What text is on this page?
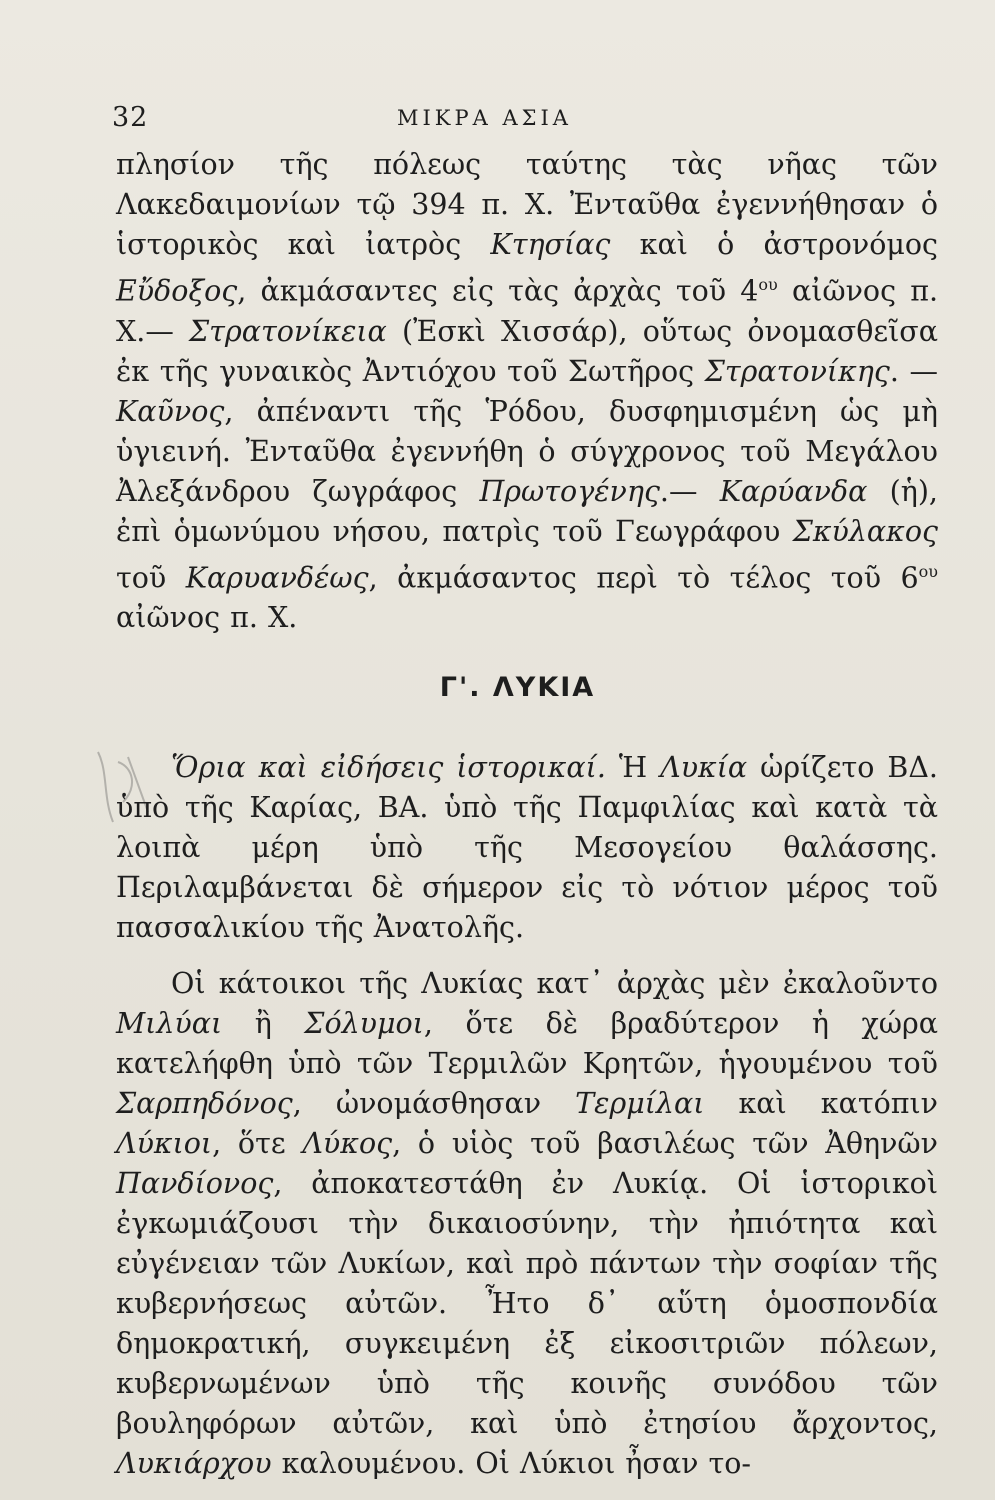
32	ΜΙΚΡΑ ΑΣΙΑ

πλησίον τῆς πόλεως ταύτης τὰς νῆας τῶν Λακεδαιμονίων τῷ 394 π. Χ. Ἐνταῦθα ἐγεννήθησαν ὁ ἱστορικὸς καὶ ἰατρὸς Κτησίας καὶ ὁ ἀστρονόμος Εὔδοξος, ἀκμάσαντες εἰς τὰς ἀρχὰς τοῦ $4^{o\upsilon}$ αἰῶνος π. Χ.— Στρατονίκεια (Ἐσκὶ Χισσάρ), οὕτως ὀνομασθεῖσα ἐκ τῆς γυναικὸς Ἀντιόχου τοῦ Σωτῆρος Στρατονίκης. —Καῦνος, ἀπέναντι τῆς Ῥόδου, δυσφημισμένη ὡς μὴ ὑγιεινή. Ἐνταῦθα ἐγεννήθη ὁ σύγχρονος τοῦ Μεγάλου Ἀλεξάνδρου ζωγράφος Πρωτογένης.— Καρύανδα (ἡ), ἐπὶ ὁμωνύμου νήσου, πατρὶς τοῦ Γεωγράφου Σκύλακος τοῦ Καρυανδέως, ἀκμάσαντος περὶ τὸ τέλος τοῦ $6^{o\upsilon}$ αἰῶνος π. Χ.

Γ'. ΛΥΚΙΑ

Ὅρια καὶ εἰδήσεις ἱστορικαί. Ἡ Λυκία ὡρίζετο ΒΔ. ὑπὸ τῆς Καρίας, ΒΑ. ὑπὸ τῆς Παμφιλίας καὶ κατὰ τὰ λοιπὰ μέρη ὑπὸ τῆς Μεσογείου θαλάσσης. Περιλαμβάνεται δὲ σήμερον εἰς τὸ νότιον μέρος τοῦ πασσαλικίου τῆς Ἀνατολῆς.

Οἱ κάτοικοι τῆς Λυκίας κατ᾿ ἀρχὰς μὲν ἐκαλοῦντο Μιλύαι ἢ Σόλυμοι, ὅτε δὲ βραδύτερον ἡ χώρα κατελήφθη ὑπὸ τῶν Τερμιλῶν Κρητῶν, ἡγουμένου τοῦ Σαρπηδόνος, ὠνομάσθησαν Τερμίλαι καὶ κατόπιν Λύκιοι, ὅτε Λύκος, ὁ υἱὸς τοῦ βασιλέως τῶν Ἀθηνῶν Πανδίονος, ἀποκατεστάθη ἐν Λυκίᾳ. Οἱ ἱστορικοὶ ἐγκωμιάζουσι τὴν δικαιοσύνην, τὴν ἠπιότητα καὶ εὐγένειαν τῶν Λυκίων, καὶ πρὸ πάντων τὴν σοφίαν τῆς κυβερνήσεως αὐτῶν. Ἦτο δ᾿ αὕτη ὁμοσπονδία δημοκρατική, συγκειμένη ἐξ εἰκοσιτριῶν πόλεων, κυβερνωμένων ὑπὸ τῆς κοινῆς συνόδου τῶν βουληφόρων αὐτῶν, καὶ ὑπὸ ἐτησίου ἄρχοντος, Λυκιάρχου καλουμένου. Οἱ Λύκιοι ἦσαν το-
